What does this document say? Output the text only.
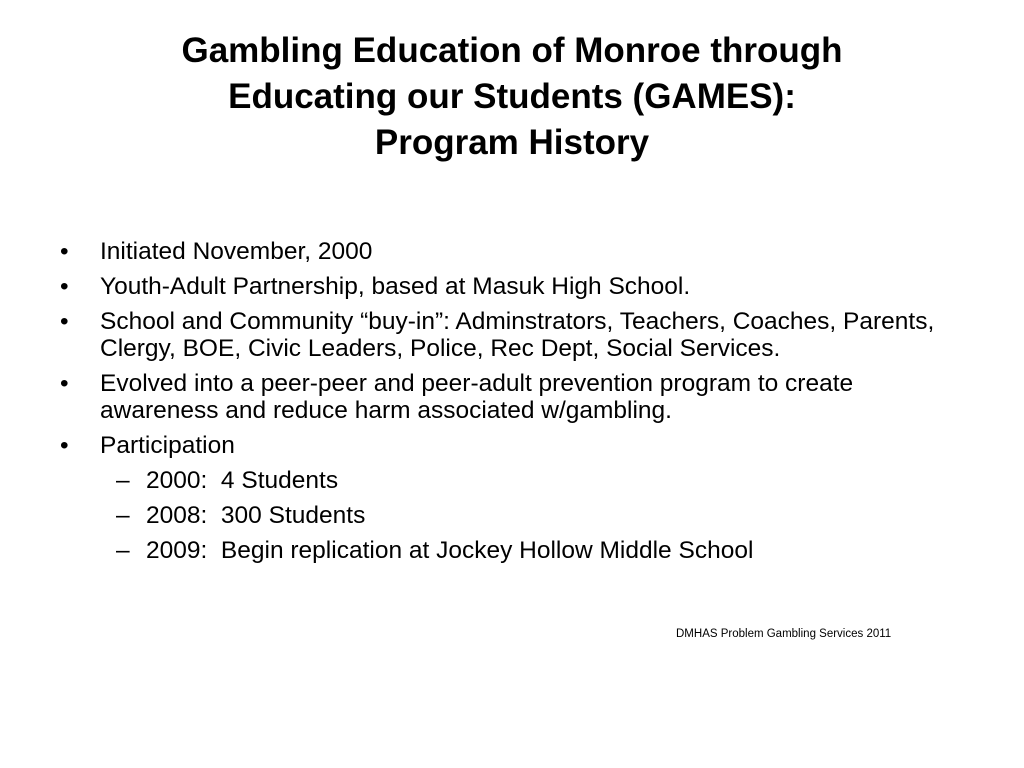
Gambling Education of Monroe through
Educating our Students (GAMES):
Program History
• Initiated November, 2000
• Youth-Adult Partnership, based at Masuk High School.
• School and Community “buy-in”: Adminstrators, Teachers, Coaches, Parents, Clergy, BOE, Civic Leaders, Police, Rec Dept, Social Services.
• Evolved into a peer-peer and peer-adult prevention program to create awareness and reduce harm associated w/gambling.
• Participation
– 2000:  4 Students
– 2008:  300 Students
– 2009:  Begin replication at Jockey Hollow Middle School
DMHAS Problem Gambling Services 2011
